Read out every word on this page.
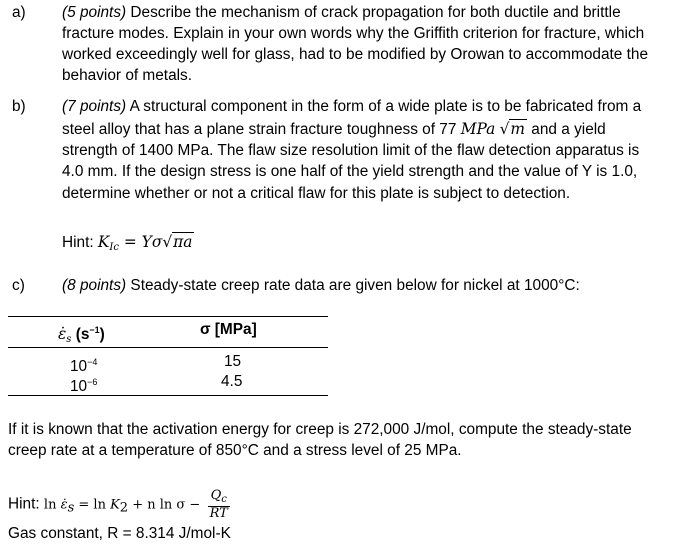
a) (5 points) Describe the mechanism of crack propagation for both ductile and brittle
fracture modes. Explain in your own words why the Griffith criterion for fracture, which
worked exceedingly well for glass, had to be modified by Orowan to accommodate the
behavior of metals.
b) (7 points) A structural component in the form of a wide plate is to be fabricated from a
steel alloy that has a plane strain fracture toughness of 77 MPa √m and a yield
strength of 1400 MPa. The flaw size resolution limit of the flaw detection apparatus is
4.0 mm. If the design stress is one half of the yield strength and the value of Y is 1.0,
determine whether or not a critical flaw for this plate is subject to detection.
Hint: $K_{Ic} = Y\sigma√\pi a$
c) (8 points) Steady-state creep rate data are given below for nickel at 1000°C:
$\varepsiloṅ_s$ $(s^{-1})$	σ [MPa]
$10^{-4}$	15
$10^{-6}$	4.5
If it is known that the activation energy for creep is 272,000 J/mol, compute the steady-state
creep rate at a temperature of 850°C and a stress level of 25 MPa.
Hint: $\ln \varepsiloṅ_s = \ln K_2 + n$ $\ln \sigma - \frac{Q_c}{RT}$
Gas constant, R = 8.314 J/mol-K
